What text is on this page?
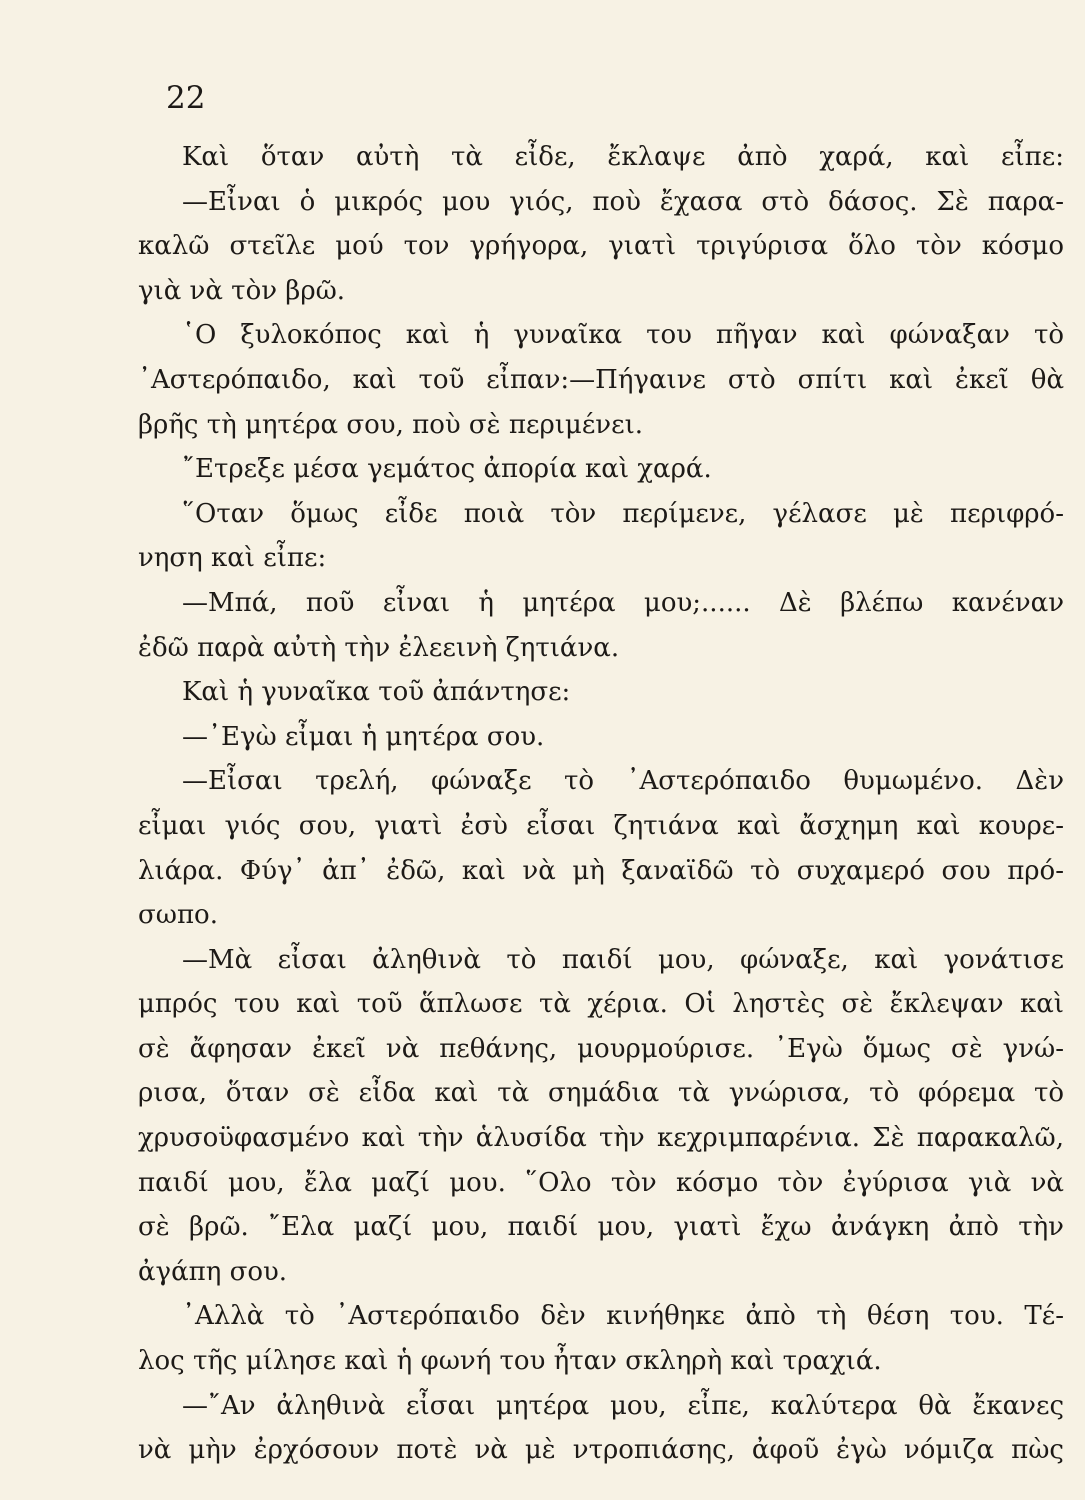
22
Καὶ ὅταν αὐτὴ τὰ εἶδε, ἔκλαψε ἀπὸ χαρά, καὶ εἶπε:
—Εἶναι ὁ μικρός μου γιός, ποὺ ἔχασα στὸ δάσος. Σὲ παρα-
καλῶ στεῖλε μού τον γρήγορα, γιατὶ τριγύρισα ὅλο τὸν κόσμο
γιὰ νὰ τὸν βρῶ.
῾Ο ξυλοκόπος καὶ ἡ γυναῖκα του πῆγαν καὶ φώναξαν τὸ
᾿Αστερόπαιδο, καὶ τοῦ εἶπαν:—Πήγαινε στὸ σπίτι καὶ ἐκεῖ θὰ
βρῆς τὴ μητέρα σου, ποὺ σὲ περιμένει.
῎Ετρεξε μέσα γεμάτος ἀπορία καὶ χαρά.
῞Οταν ὅμως εἶδε ποιὰ τὸν περίμενε, γέλασε μὲ περιφρό-
νηση καὶ εἶπε:
—Μπά, ποῦ εἶναι ἡ μητέρα μου;...... Δὲ βλέπω κανέναν
ἐδῶ παρὰ αὐτὴ τὴν ἐλεεινὴ ζητιάνα.
Καὶ ἡ γυναῖκα τοῦ ἀπάντησε:
—᾿Εγὼ εἶμαι ἡ μητέρα σου.
—Εἶσαι τρελή, φώναξε τὸ ᾿Αστερόπαιδο θυμωμένο. Δὲν
εἶμαι γιός σου, γιατὶ ἐσὺ εἶσαι ζητιάνα καὶ ἄσχημη καὶ κουρε-
λιάρα. Φύγ᾿ ἀπ᾿ ἐδῶ, καὶ νὰ μὴ ξαναϊδῶ τὸ συχαμερό σου πρό-
σωπο.
—Μὰ εἶσαι ἀληθινὰ τὸ παιδί μου, φώναξε, καὶ γονάτισε
μπρός του καὶ τοῦ ἅπλωσε τὰ χέρια. Οἱ ληστὲς σὲ ἔκλεψαν καὶ
σὲ ἄφησαν ἐκεῖ νὰ πεθάνης, μουρμούρισε. ᾿Εγὼ ὅμως σὲ γνώ-
ρισα, ὅταν σὲ εἶδα καὶ τὰ σημάδια τὰ γνώρισα, τὸ φόρεμα τὸ
χρυσοϋφασμένο καὶ τὴν ἁλυσίδα τὴν κεχριμπαρένια. Σὲ παρακαλῶ,
παιδί μου, ἔλα μαζί μου. ῞Ολο τὸν κόσμο τὸν ἐγύρισα γιὰ νὰ
σὲ βρῶ. ῎Ελα μαζί μου, παιδί μου, γιατὶ ἔχω ἀνάγκη ἀπὸ τὴν
ἀγάπη σου.
᾿Αλλὰ τὸ ᾿Αστερόπαιδο δὲν κινήθηκε ἀπὸ τὴ θέση του. Τέ-
λος τῆς μίλησε καὶ ἡ φωνή του ἦταν σκληρὴ καὶ τραχιά.
—῎Αν ἀληθινὰ εἶσαι μητέρα μου, εἶπε, καλύτερα θὰ ἔκανες
νὰ μὴν ἐρχόσουν ποτὲ νὰ μὲ ντροπιάσης, ἀφοῦ ἐγὼ νόμιζα πὼς
